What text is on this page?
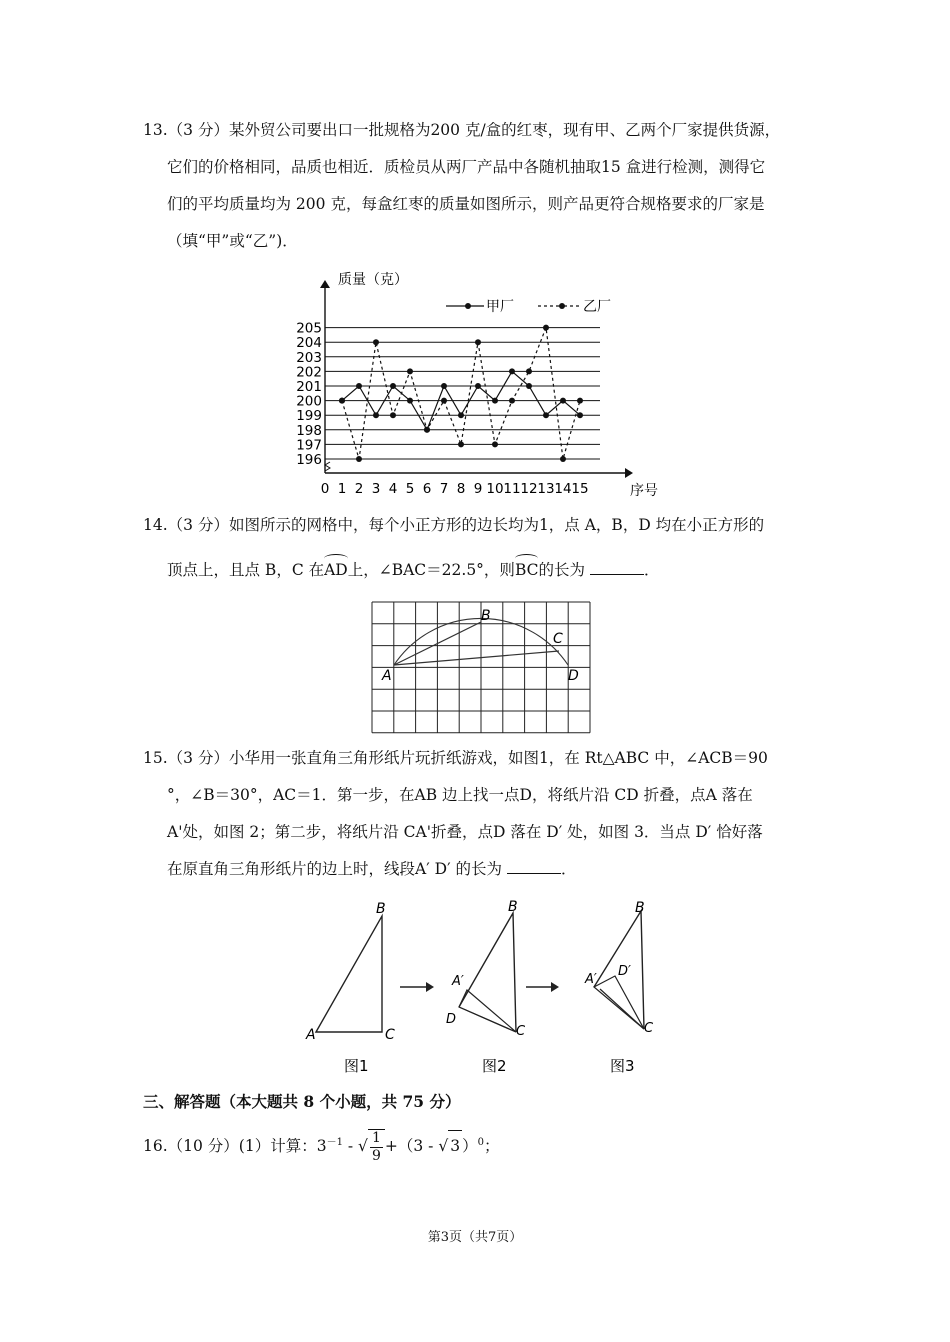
13.（3 分）某外贸公司要出口一批规格为200 克/盒的红枣，现有甲、乙两个厂家提供货源，

它们的价格相同，品质也相近．质检员从两厂产品中各随机抽取15 盒进行检测，测得它

们的平均质量均为 200 克，每盒红枣的质量如图所示，则产品更符合规格要求的厂家是

（填“甲”或“乙”)．

196
197
198
199
200
201
202
203
204
205
0 1 2 3 4 5 6 7 8 9 10 11 12 13 14 15
质量（克）
序号
甲厂	乙厂

14.（3 分）如图所示的网格中，每个小正方形的边长均为1，点 A，B，D 均在小正方形的

顶点上，且点 B，C 在AD上，∠BAC＝22.5°，则BC的长为	．

A
B
C
D

15.（3 分）小华用一张直角三角形纸片玩折纸游戏，如图1，在 Rt△ABC 中，∠ACB＝90

°，∠B＝30°，AC＝1．第一步，在AB 边上找一点D，将纸片沿 CD 折叠，点A 落在

A'处，如图 2；第二步，将纸片沿 CA'折叠，点D 落在 D′ 处，如图 3．当点 D′ 恰好落

在原直角三角形纸片的边上时，线段A′ D′ 的长为	．

A
B
C
图1
A′
D
B
C
图2
A′
D′
B
C
图3
三、解答题（本大题共 8 个小题，共 75 分）
16.（10 分）(1）计算：$3^{-1}$ - √ $\frac{1}{9}+(3$ - √ 3 ）$^0$；
第3页（共7页）
